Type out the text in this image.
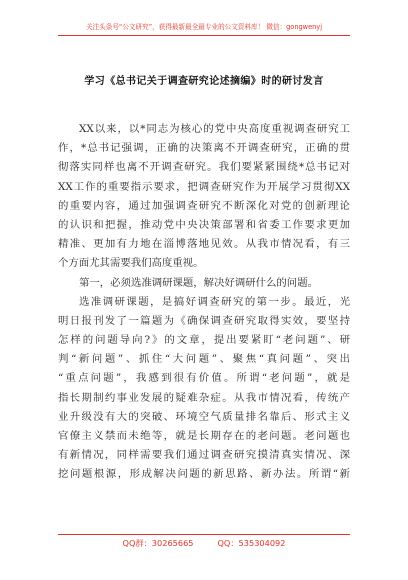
关注头条号“公文研究”，获得最新最全最专业的公文资料库！ 微信：gongwenyj
学习《总书记关于调查研究论述摘编》时的研讨发言
XX以来，以*同志为核心的党中央高度重视调查研究工
作，*总书记强调，正确的决策离不开调查研究，正确的贯
彻落实同样也离不开调查研究。我们要紧紧围绕*总书记对
XX工作的重要指示要求，把调查研究作为开展学习贯彻XX
的重要内容，通过加强调查研究不断深化对党的创新理论
的认识和把握，推动党中央决策部署和省委工作要求更加
精准、更加有力地在淄博落地见效。从我市情况看，有三
个方面尤其需要我们高度重视。
第一，必须选准调研课题，解决好调研什么的问题。
选准调研课题，是搞好调查研究的第一步。最近，光
明日报刊发了一篇题为《确保调查研究取得实效，要坚持
怎样的问题导向?》的文章，提出要紧盯“老问题”、研
判“新问题”、抓住“大问题”、聚焦“真问题”、突出
“重点问题”，我感到很有价值。所谓“老问题”，就是
指长期制约事业发展的疑难杂症。从我市情况看，传统产
业升级没有大的突破、环境空气质量排名靠后、形式主义
官僚主义禁而未绝等，就是长期存在的老问题。老问题也
有新情况，同样需要我们通过调查研究摸清真实情况、深
挖问题根源，形成解决问题的新思路、新办法。所谓“新
QQ群：30265665	QQ：535304092
